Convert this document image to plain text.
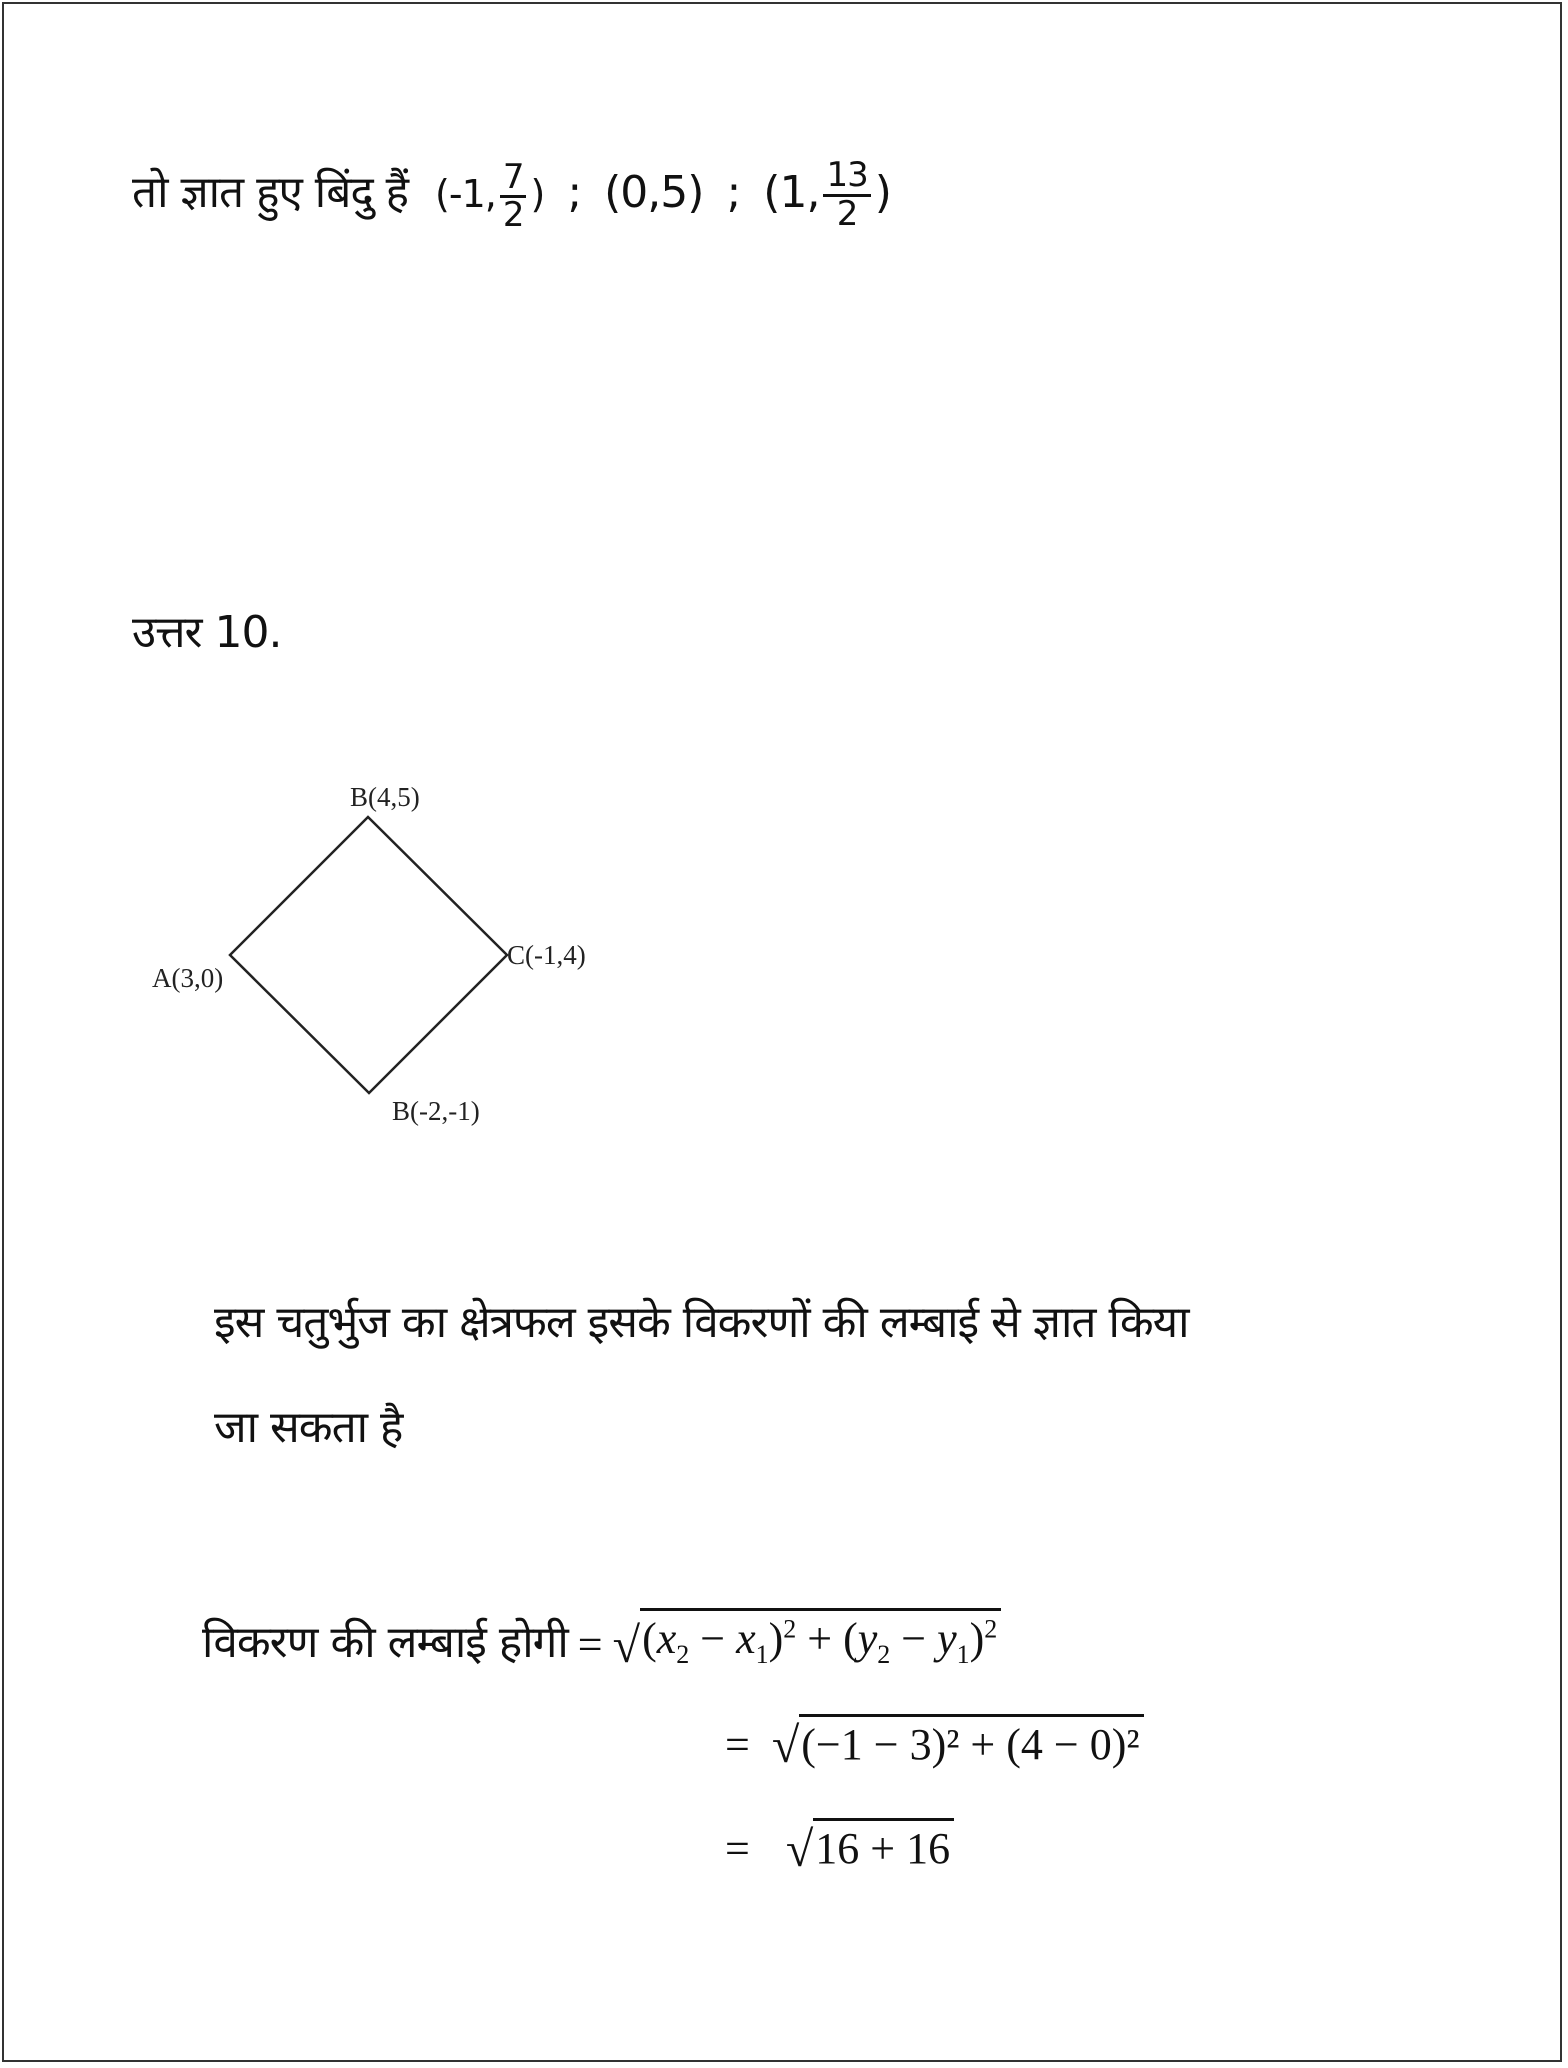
तो ज्ञात हुए बिंदु हैं (-1, $\frac{7}{2}$ ) ; (0,5) ; (1, $\frac{13}{2}$ )
उत्तर 10.
B(4,5)
A(3,0)
C(-1,4)
B(-2,-1)
इस चतुर्भुज का क्षेत्रफल इसके विकरणों की लम्बाई से ज्ञात किया
जा सकता है
विकरण की लम्बाई होगी = √ $(x_2 - x_1)^2 + (y_2 - y_1)^2$
= √ (−1 − 3)² + (4 − 0)²
= √ 16 + 16
